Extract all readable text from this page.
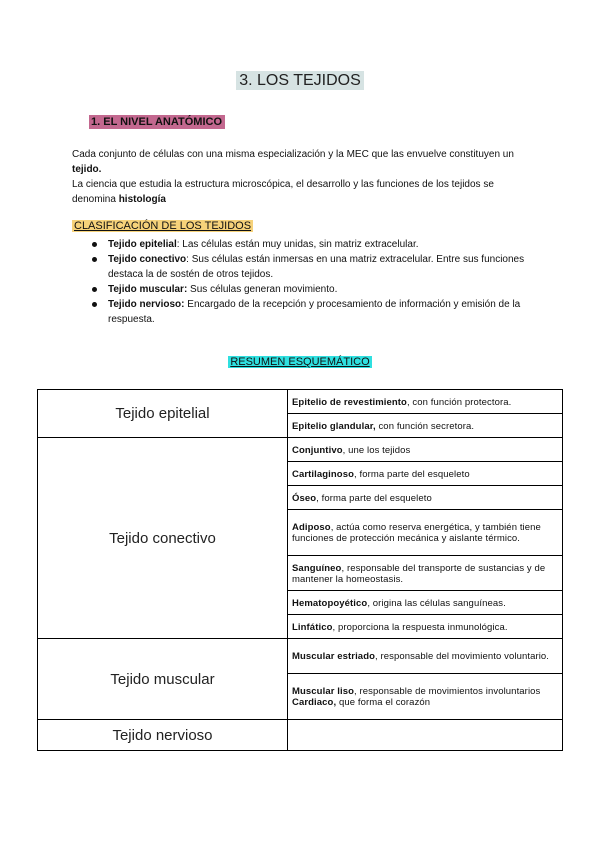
3. LOS TEJIDOS
1. EL NIVEL ANATÓMICO

Cada conjunto de células con una misma especialización y la MEC que las envuelve constituyen un tejido.

La ciencia que estudia la estructura microscópica, el desarrollo y las funciones de los tejidos se denomina histología

CLASIFICACIÓN DE LOS TEJIDOS
Tejido epitelial: Las células están muy unidas, sin matriz extracelular.
Tejido conectivo: Sus células están inmersas en una matriz extracelular. Entre sus funciones destaca la de sostén de otros tejidos.
Tejido muscular: Sus células generan movimiento.
Tejido nervioso: Encargado de la recepción y procesamiento de información y emisión de la respuesta.
RESUMEN ESQUEMÁTICO
Tejido epitelial	Epitelio de revestimiento, con función protectora.
	Epitelio glandular, con función secretora.
Tejido conectivo	Conjuntivo, une los tejidos
	Cartilaginoso, forma parte del esqueleto
	Óseo, forma parte del esqueleto
	Adiposo, actúa como reserva energética, y también tiene funciones de protección mecánica y aislante térmico.
	Sanguíneo, responsable del transporte de sustancias y de mantener la homeostasis.
	Hematopoyético, origina las células sanguíneas.
	Linfático, proporciona la respuesta inmunológica.
Tejido muscular	Muscular estriado, responsable del movimiento voluntario.
	Muscular liso, responsable de movimientos involuntarios
Cardiaco, que forma el corazón
Tejido nervioso	
